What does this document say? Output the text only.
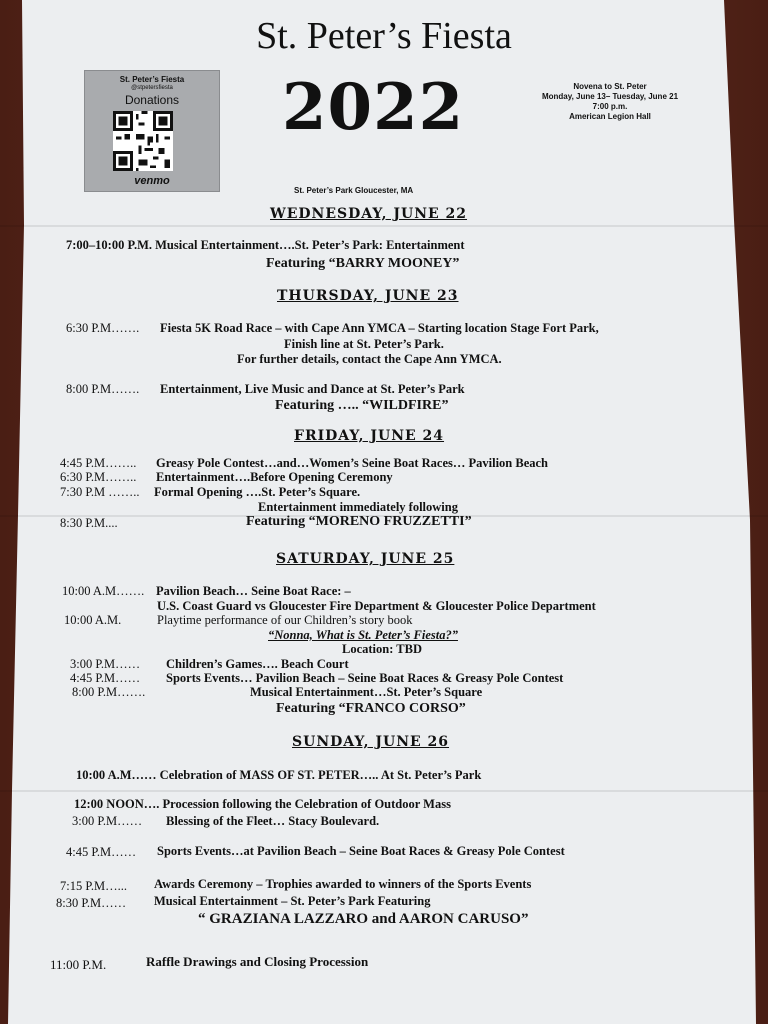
St. Peter’s Fiesta
2022
St. Peter’s Fiesta
@stpetersfiesta
Donations
venmo
Novena to St. Peter
Monday, June 13– Tuesday, June 21
7:00 p.m.
American Legion Hall
St. Peter’s Park Gloucester, MA
WEDNESDAY, JUNE 22
7:00–10:00 P.M. Musical Entertainment….St. Peter’s Park: Entertainment
Featuring “BARRY MOONEY”
THURSDAY, JUNE 23
6:30 P.M……. Fiesta 5K Road Race – with Cape Ann YMCA – Starting location Stage Fort Park,
Finish line at St. Peter’s Park.
For further details, contact the Cape Ann YMCA.
8:00 P.M……. Entertainment, Live Music and Dance at St. Peter’s Park
Featuring ….. “WILDFIRE”
FRIDAY, JUNE 24
4:45 P.M…….. Greasy Pole Contest…and…Women’s Seine Boat Races… Pavilion Beach
6:30 P.M…….. Entertainment….Before Opening Ceremony
7:30 P.M …….. Formal Opening ….St. Peter’s Square.
Entertainment immediately following
8:30 P.M....	Featuring “MORENO FRUZZETTI”
SATURDAY, JUNE 25
10:00 A.M……. Pavilion Beach… Seine Boat Race: –
U.S. Coast Guard vs Gloucester Fire Department & Gloucester Police Department
10:00 A.M.	Playtime performance of our Children’s story book
“Nonna, What is St. Peter’s Fiesta?”
Location: TBD
3:00 P.M…… Children’s Games…. Beach Court
4:45 P.M…… Sports Events… Pavilion Beach – Seine Boat Races & Greasy Pole Contest
8:00 P.M…….	Musical Entertainment…St. Peter’s Square
Featuring “FRANCO CORSO”
SUNDAY, JUNE 26
10:00 A.M…… Celebration of MASS OF ST. PETER….. At St. Peter’s Park
12:00 NOON…. Procession following the Celebration of Outdoor Mass
3:00 P.M…… Blessing of the Fleet… Stacy Boulevard.
4:45 P.M…… Sports Events…at Pavilion Beach – Seine Boat Races & Greasy Pole Contest
7:15 P.M…... Awards Ceremony – Trophies awarded to winners of the Sports Events
8:30 P.M…… Musical Entertainment – St. Peter’s Park Featuring
“ GRAZIANA LAZZARO and AARON CARUSO”
11:00 P.M.	Raffle Drawings and Closing Procession
